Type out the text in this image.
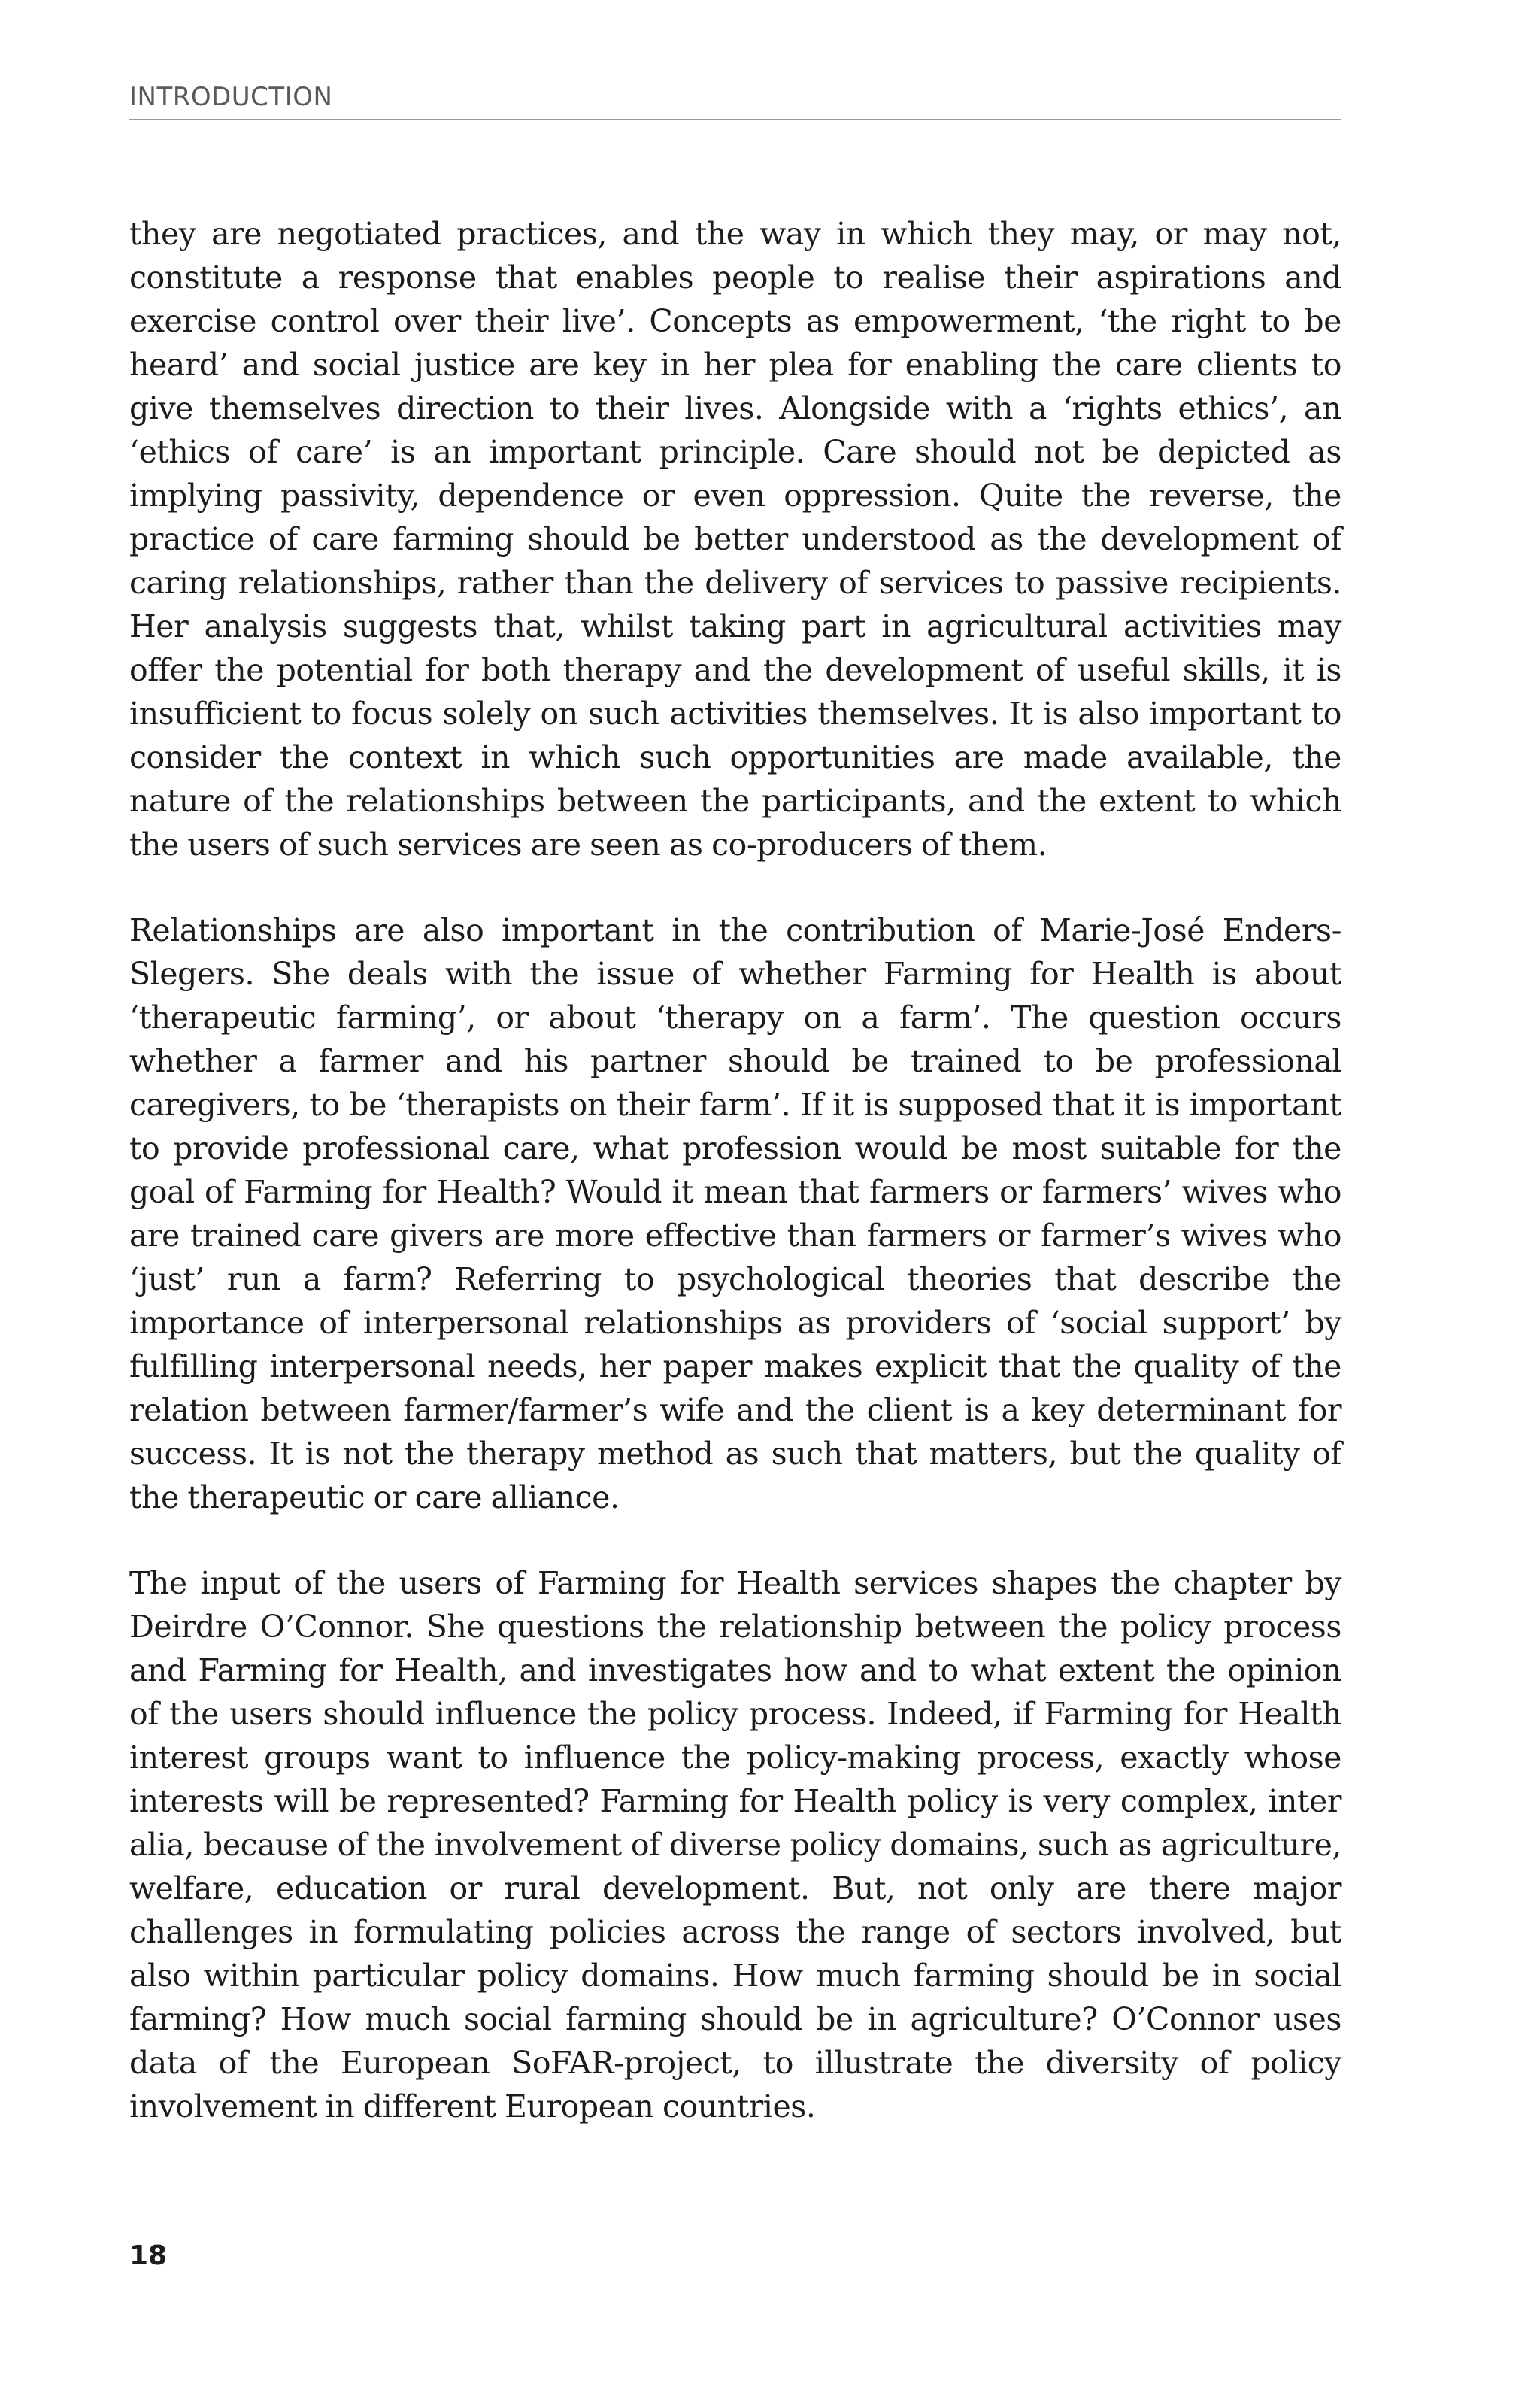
INTRODUCTION

they are negotiated practices, and the way in which they may, or may not, constitute a response that enables people to realise their aspirations and exercise control over their live’. Concepts as empowerment, ‘the right to be heard’ and social justice are key in her plea for enabling the care clients to give themselves direction to their lives. Alongside with a ‘rights ethics’, an ‘ethics of care’ is an important principle. Care should not be depicted as implying passivity, dependence or even oppression. Quite the reverse, the practice of care farming should be better understood as the development of caring relationships, rather than the delivery of services to passive recipients. Her analysis suggests that, whilst taking part in agricultural activities may offer the potential for both therapy and the development of useful skills, it is insufficient to focus solely on such activities themselves. It is also important to consider the context in which such opportunities are made available, the nature of the relationships between the participants, and the extent to which the users of such services are seen as co-producers of them.

Relationships are also important in the contribution of Marie-José Enders-Slegers. She deals with the issue of whether Farming for Health is about ‘therapeutic farming’, or about ‘therapy on a farm’. The question occurs whether a farmer and his partner should be trained to be professional caregivers, to be ‘therapists on their farm’. If it is supposed that it is important to provide professional care, what profession would be most suitable for the goal of Farming for Health? Would it mean that farmers or farmers’ wives who are trained care givers are more effective than farmers or farmer’s wives who ‘just’ run a farm? Referring to psychological theories that describe the importance of interpersonal relationships as providers of ‘social support’ by fulfilling interpersonal needs, her paper makes explicit that the quality of the relation between farmer/farmer’s wife and the client is a key determinant for success. It is not the therapy method as such that matters, but the quality of the therapeutic or care alliance.

The input of the users of Farming for Health services shapes the chapter by Deirdre O’Connor. She questions the relationship between the policy process and Farming for Health, and investigates how and to what extent the opinion of the users should influence the policy process. Indeed, if Farming for Health interest groups want to influence the policy-making process, exactly whose interests will be represented? Farming for Health policy is very complex, inter alia, because of the involvement of diverse policy domains, such as agriculture, welfare, education or rural development. But, not only are there major challenges in formulating policies across the range of sectors involved, but also within particular policy domains. How much farming should be in social farming? How much social farming should be in agriculture? O’Connor uses data of the European SoFAR-project, to illustrate the diversity of policy involvement in different European countries.

18
